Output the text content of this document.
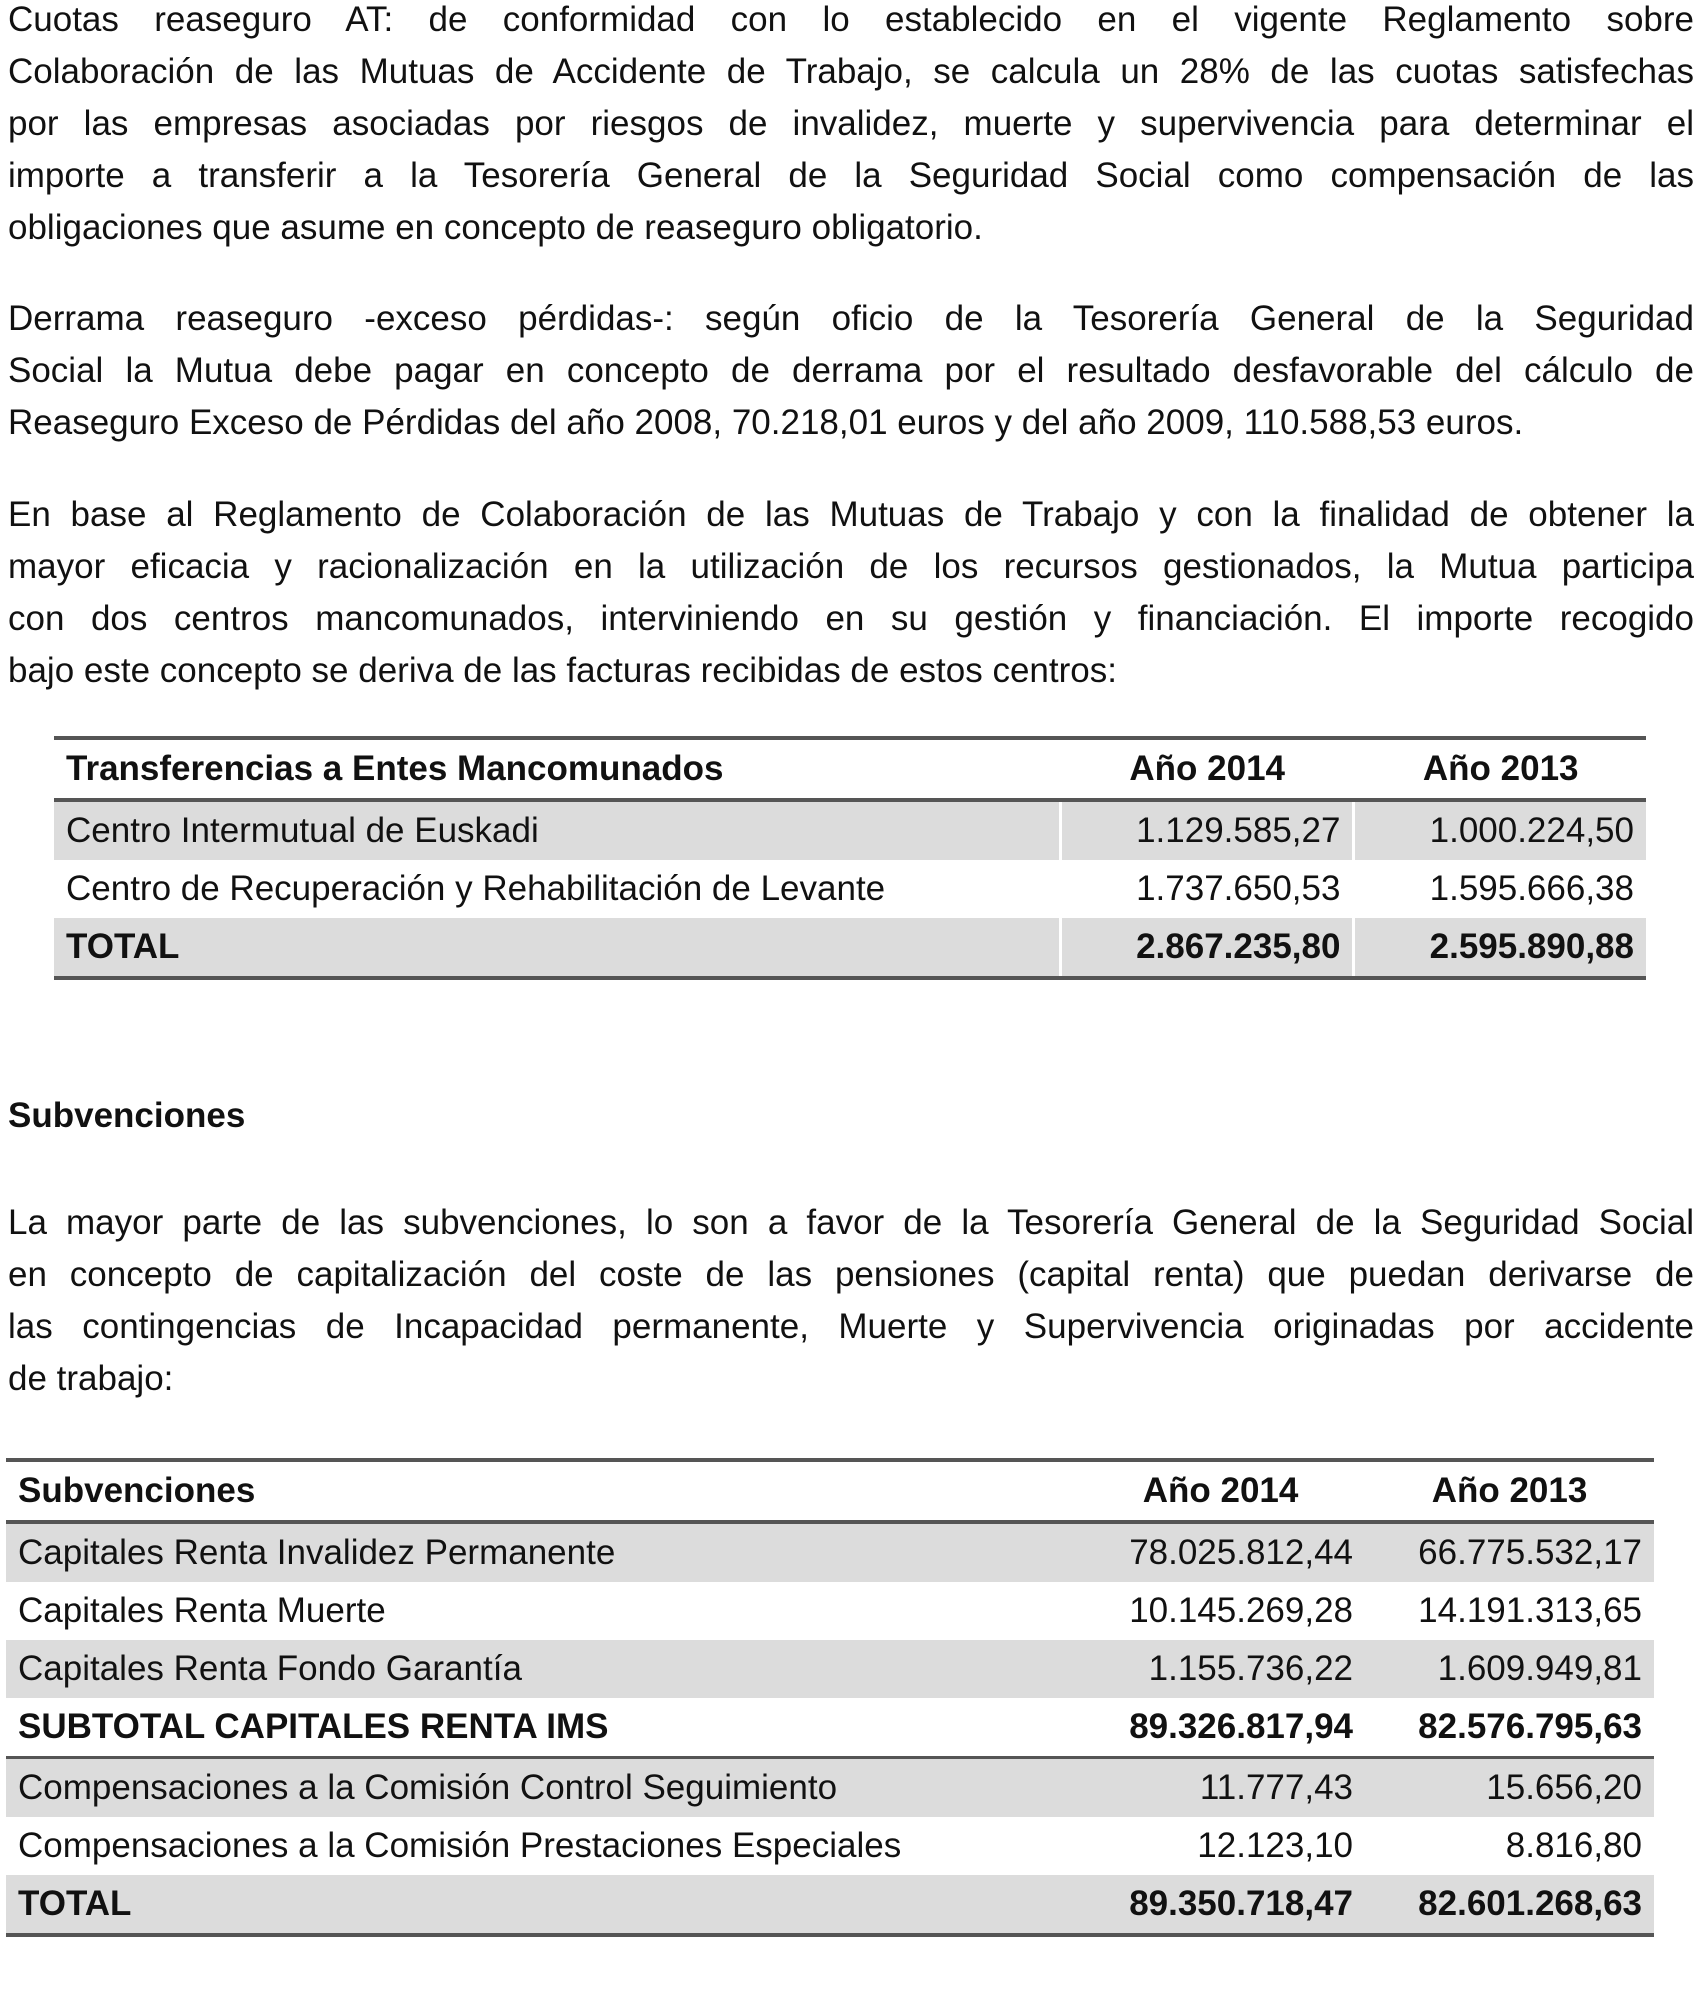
Cuotas reaseguro AT: de conformidad con lo establecido en el vigente Reglamento sobre
Colaboración de las Mutuas de Accidente de Trabajo, se calcula un 28% de las cuotas satisfechas
por las empresas asociadas por riesgos de invalidez, muerte y supervivencia para determinar el
importe a transferir a la Tesorería General de la Seguridad Social como compensación de las
obligaciones que asume en concepto de reaseguro obligatorio.
Derrama reaseguro -exceso pérdidas-: según oficio de la Tesorería General de la Seguridad
Social la Mutua debe pagar en concepto de derrama por el resultado desfavorable del cálculo de
Reaseguro Exceso de Pérdidas del año 2008, 70.218,01 euros y del año 2009, 110.588,53 euros.
En base al Reglamento de Colaboración de las Mutuas de Trabajo y con la finalidad de obtener la
mayor eficacia y racionalización en la utilización de los recursos gestionados, la Mutua participa
con dos centros mancomunados, interviniendo en su gestión y financiación. El importe recogido
bajo este concepto se deriva de las facturas recibidas de estos centros:
Transferencias a Entes Mancomunados	Año 2014	Año 2013
Centro Intermutual de Euskadi	1.129.585,27	1.000.224,50
Centro de Recuperación y Rehabilitación de Levante	1.737.650,53	1.595.666,38
TOTAL	2.867.235,80	2.595.890,88
Subvenciones
La mayor parte de las subvenciones, lo son a favor de la Tesorería General de la Seguridad Social
en concepto de capitalización del coste de las pensiones (capital renta) que puedan derivarse de
las contingencias de Incapacidad permanente, Muerte y Supervivencia originadas por accidente
de trabajo:
Subvenciones	Año 2014	Año 2013
Capitales Renta Invalidez Permanente	78.025.812,44	66.775.532,17
Capitales Renta Muerte	10.145.269,28	14.191.313,65
Capitales Renta Fondo Garantía	1.155.736,22	1.609.949,81
SUBTOTAL CAPITALES RENTA IMS	89.326.817,94	82.576.795,63
Compensaciones a la Comisión Control Seguimiento	11.777,43	15.656,20
Compensaciones a la Comisión Prestaciones Especiales	12.123,10	8.816,80
TOTAL	89.350.718,47	82.601.268,63
